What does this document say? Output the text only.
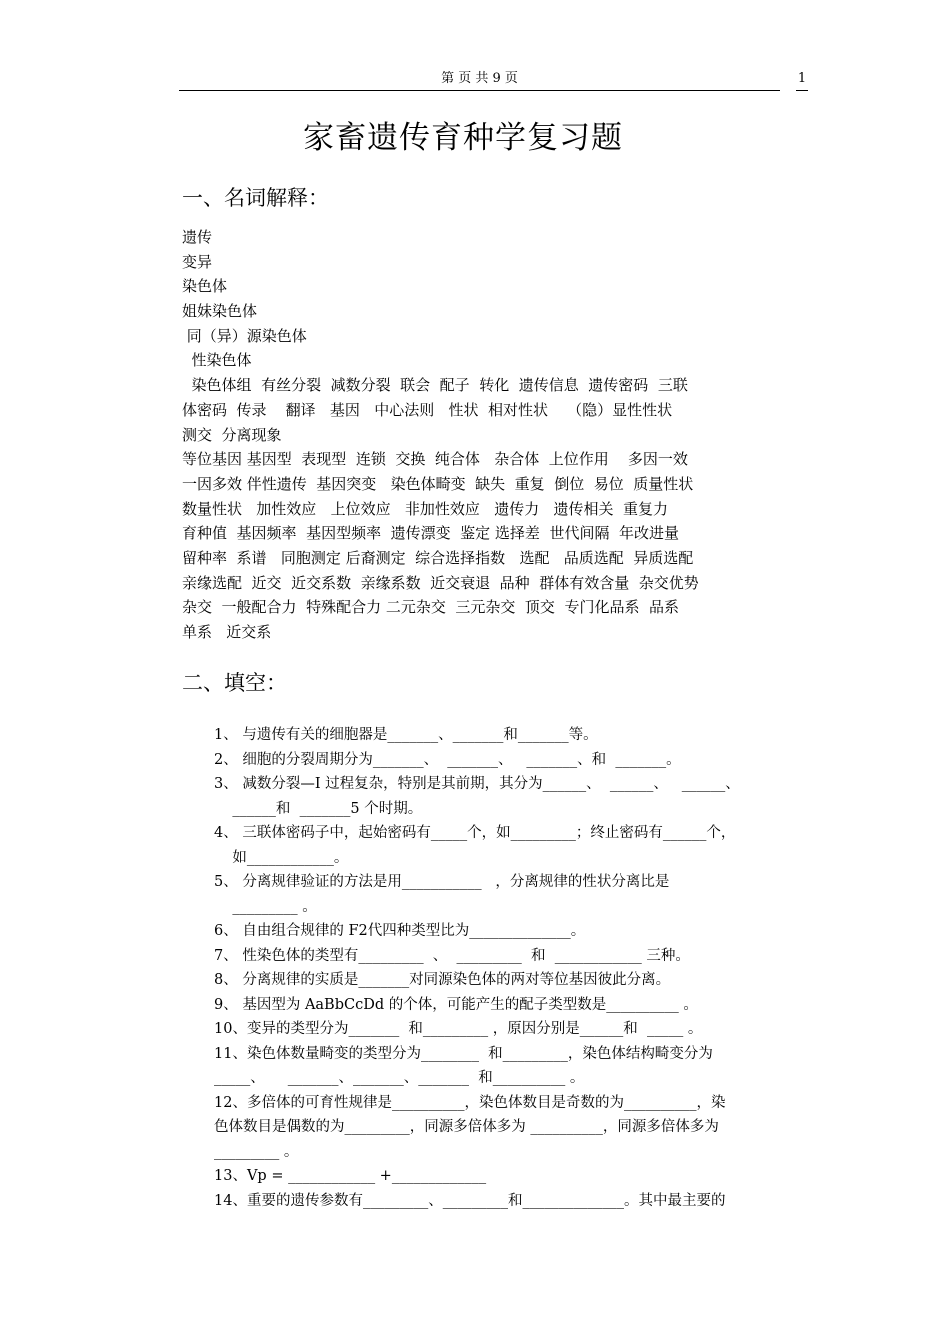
第 页 共 9 页	1
家畜遗传育种学复习题
一、名词解释：
遗传
变异
染色体
姐妹染色体
同（异）源染色体
性染色体
染色体组  有丝分裂  减数分裂  联会  配子  转化  遗传信息  遗传密码  三联
体密码  传录    翻译   基因   中心法则   性状  相对性状    （隐）显性性状
测交  分离现象
等位基因 基因型  表现型  连锁  交换  纯合体   杂合体  上位作用    多因一效
一因多效 伴性遗传  基因突变   染色体畸变  缺失  重复  倒位  易位  质量性状
数量性状   加性效应   上位效应   非加性效应   遗传力   遗传相关  重复力
育种值  基因频率  基因型频率  遗传漂变  鉴定 选择差  世代间隔  年改进量
留种率  系谱   同胞测定 后裔测定  综合选择指数   选配   品质选配  异质选配
亲缘选配  近交  近交系数  亲缘系数  近交衰退  品种  群体有效含量  杂交优势
杂交  一般配合力  特殊配合力 二元杂交  三元杂交  顶交  专门化品系  品系
单系   近交系
二、填空：
1、 与遗传有关的细胞器是_______、_______和_______等。
2、 细胞的分裂周期分为_______、  _______、   _______、和  _______。
3、 减数分裂—I 过程复杂，特别是其前期，其分为______、  ______、   ______、
______和  _______5 个时期。
4、 三联体密码子中，起始密码有_____个，如_________；终止密码有______个，
如____________。
5、 分离规律验证的方法是用___________   ，分离规律的性状分离比是
_________ 。
6、 自由组合规律的 F2代四种类型比为______________。
7、 性染色体的类型有_________  、  _________  和  ____________ 三种。
8、 分离规律的实质是_______对同源染色体的两对等位基因彼此分离。
9、 基因型为 AaBbCcDd 的个体，可能产生的配子类型数是__________ 。
10、变异的类型分为_______  和_________ ，原因分别是______和  _____ 。
11、染色体数量畸变的类型分为________  和_________，染色体结构畸变分为
_____、     _______、_______、_______  和__________ 。
12、多倍体的可育性规律是__________，染色体数目是奇数的为__________，染
色体数目是偶数的为_________，同源多倍体多为 __________，同源多倍体多为
_________ 。
13、Vp = ____________ +_____________
14、重要的遗传参数有_________、_________和______________。其中最主要的
